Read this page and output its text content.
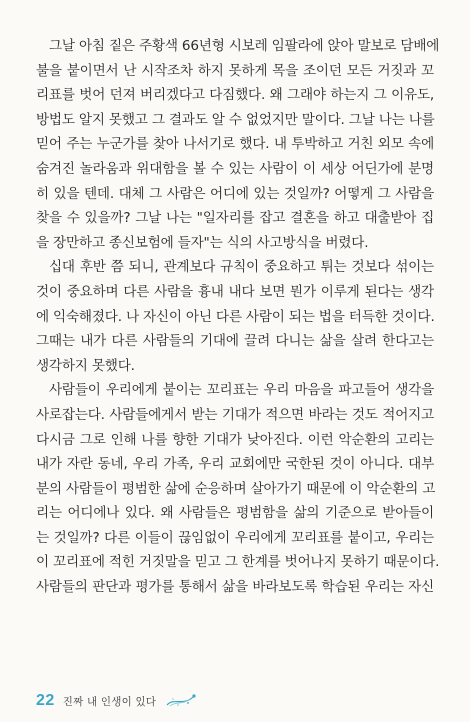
그날 아침 짙은 주황색 66년형 시보레 임팔라에 앉아 말보로 담배에
불을 붙이면서 난 시작조차 하지 못하게 목을 조이던 모든 거짓과 꼬
리표를 벗어 던져 버리겠다고 다짐했다. 왜 그래야 하는지 그 이유도,
방법도 알지 못했고 그 결과도 알 수 없었지만 말이다. 그날 나는 나를
믿어 주는 누군가를 찾아 나서기로 했다. 내 투박하고 거친 외모 속에
숨겨진 놀라움과 위대함을 볼 수 있는 사람이 이 세상 어딘가에 분명
히 있을 텐데. 대체 그 사람은 어디에 있는 것일까? 어떻게 그 사람을
찾을 수 있을까? 그날 나는 "일자리를 잡고 결혼을 하고 대출받아 집
을 장만하고 종신보험에 들자"는 식의 사고방식을 버렸다.
십대 후반 쯤 되니, 관계보다 규칙이 중요하고 튀는 것보다 섞이는
것이 중요하며 다른 사람을 흉내 내다 보면 뭔가 이루게 된다는 생각
에 익숙해졌다. 나 자신이 아닌 다른 사람이 되는 법을 터득한 것이다.
그때는 내가 다른 사람들의 기대에 끌려 다니는 삶을 살려 한다고는
생각하지 못했다.
사람들이 우리에게 붙이는 꼬리표는 우리 마음을 파고들어 생각을
사로잡는다. 사람들에게서 받는 기대가 적으면 바라는 것도 적어지고
다시금 그로 인해 나를 향한 기대가 낮아진다. 이런 악순환의 고리는
내가 자란 동네, 우리 가족, 우리 교회에만 국한된 것이 아니다. 대부
분의 사람들이 평범한 삶에 순응하며 살아가기 때문에 이 악순환의 고
리는 어디에나 있다. 왜 사람들은 평범함을 삶의 기준으로 받아들이
는 것일까? 다른 이들이 끊임없이 우리에게 꼬리표를 붙이고, 우리는
이 꼬리표에 적힌 거짓말을 믿고 그 한계를 벗어나지 못하기 때문이다.
사람들의 판단과 평가를 통해서 삶을 바라보도록 학습된 우리는 자신
22 진짜 내 인생이 있다
